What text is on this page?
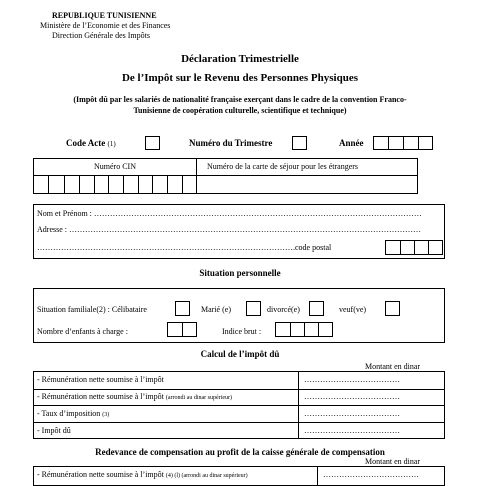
REPUBLIQUE TUNISIENNE
Ministère de l’Economie et des Finances
Direction Générale des Impôts
Déclaration Trimestrielle
De l’Impôt sur le Revenu des Personnes Physiques
(Impôt dû par les salariés de nationalité française exerçant dans le cadre de la convention Franco-
Tunisienne de coopération culturelle, scientifique et technique)
Code Acte (1)	Numéro du Trimestre	Année
Numéro CIN	Numéro de la carte de séjour pour les étrangers
Nom et Prénom : ……………………………………………………………………………………………………………
Adresse : ……………………………………………………………………………………………………………………
…………………………………………………………………………………….code postal
Situation personnelle
Situation familiale(2) : Célibataire	Marié (e)	divorcé(e)	veuf(ve)
Nombre d’enfants à charge :	Indice brut :
Calcul de l’impôt dû
Montant en dinar
- Rémunération nette soumise à l’impôt	………………………………
- Rémunération nette soumise à l’impôt (arrondi au dinar supérieur)	………………………………
- Taux d’imposition (3)	………………………………
- Impôt dû	………………………………
Redevance de compensation au profit de la caisse générale de compensation
Montant en dinar
- Rémunération nette soumise à l’impôt (4) (l) (arrondi au dinar supérieur)	………………………………
